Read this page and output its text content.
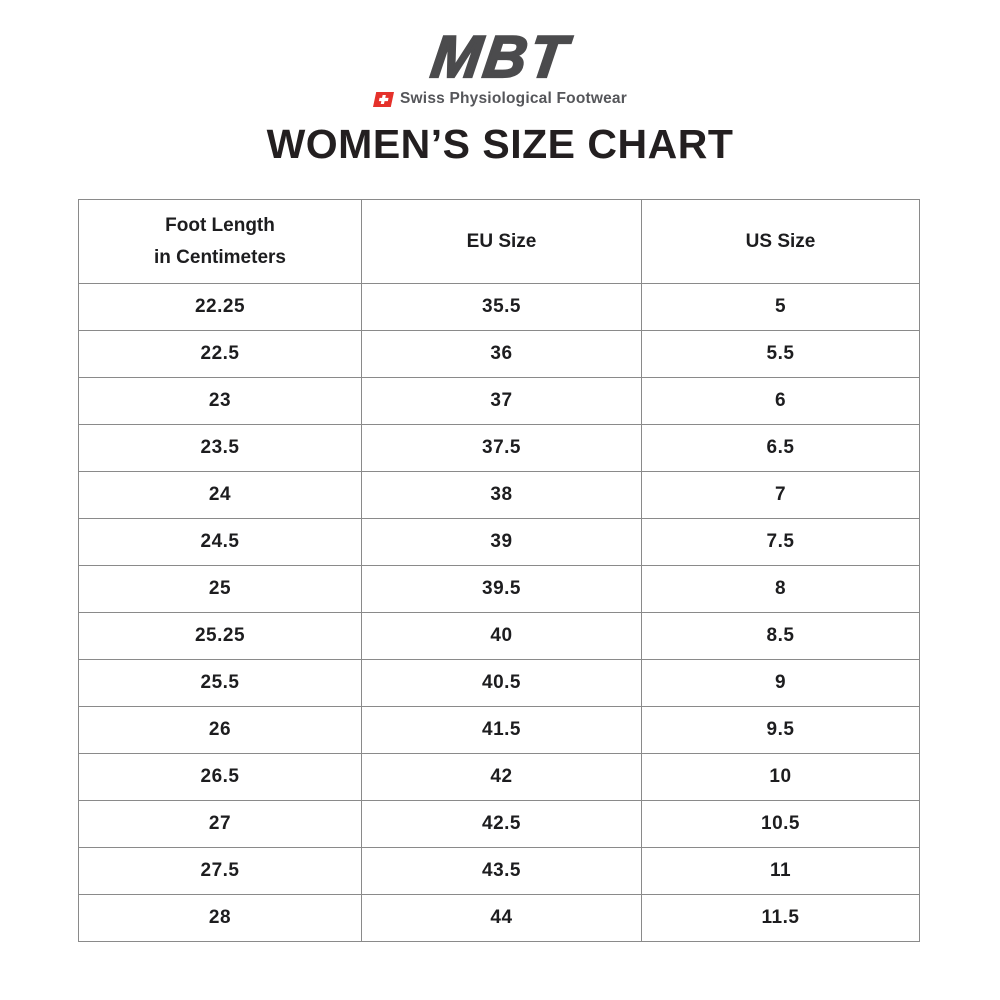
MBT
Swiss Physiological Footwear
WOMEN’S SIZE CHART
Foot Length
in Centimeters	EU Size	US Size
22.25	35.5	5
22.5	36	5.5
23	37	6
23.5	37.5	6.5
24	38	7
24.5	39	7.5
25	39.5	8
25.25	40	8.5
25.5	40.5	9
26	41.5	9.5
26.5	42	10
27	42.5	10.5
27.5	43.5	11
28	44	11.5
